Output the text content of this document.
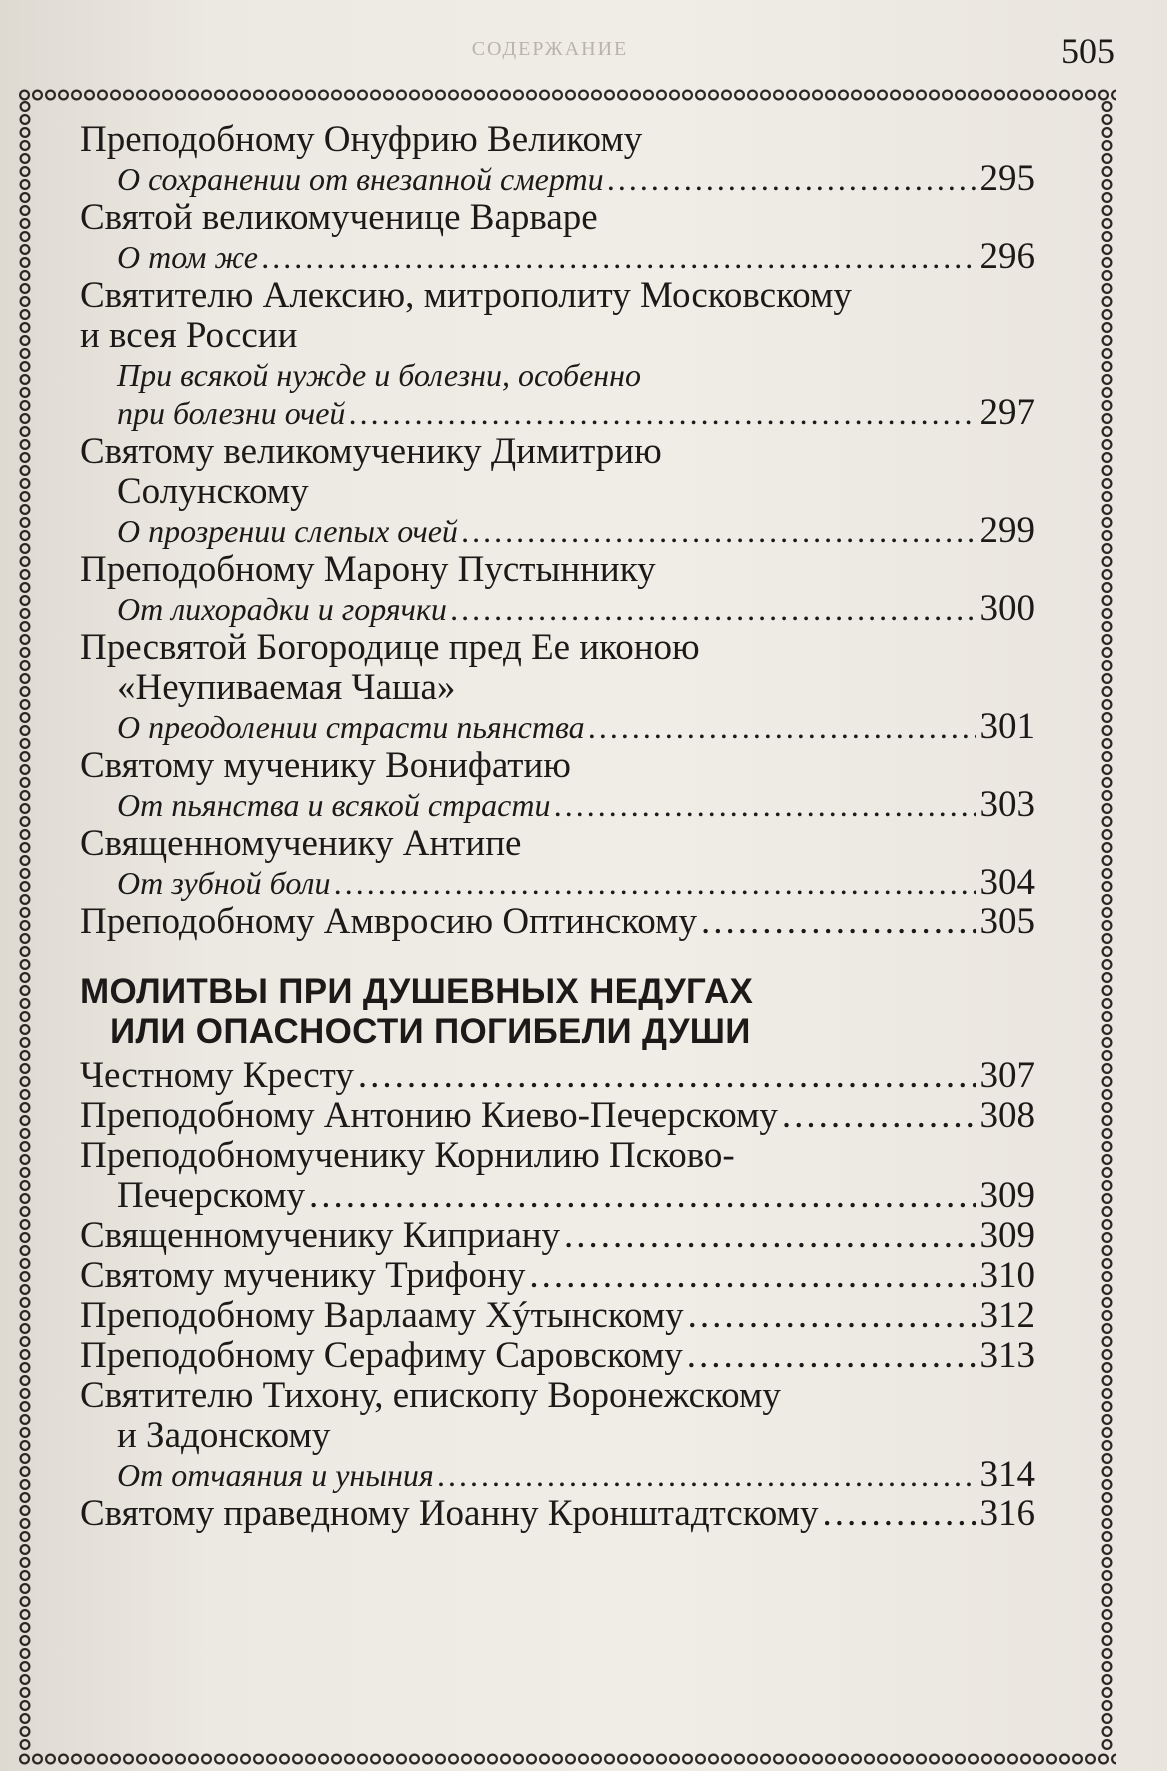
СОДЕРЖАНИЕ	505
Преподобному Онуфрию Великому
О сохранении от внезапной смерти .....	295
Святой великомученице Варваре
О том же .....	296
Святителю Алексию, митрополиту Московскому
и всея России
При всякой нужде и болезни, особенно
при болезни очей .....	297
Святому великомученику Димитрию
Солунскому
О прозрении слепых очей .....	299
Преподобному Марону Пустыннику
От лихорадки и горячки .....	300
Пресвятой Богородице пред Ее иконою
«Неупиваемая Чаша»
О преодолении страсти пьянства .....	301
Святому мученику Вонифатию
От пьянства и всякой страсти .....	303
Священномученику Антипе
От зубной боли .....	304
Преподобному Амвросию Оптинскому .....	305
МОЛИТВЫ ПРИ ДУШЕВНЫХ НЕДУГАХ
ИЛИ ОПАСНОСТИ ПОГИБЕЛИ ДУШИ
Честному Кресту .....	307
Преподобному Антонию Киево-Печерскому .....	308
Преподобномученику Корнилию Псково-
Печерскому .....	309
Священномученику Киприану .....	309
Святому мученику Трифону .....	310
Преподобному Варлааму Хýтынскому .....	312
Преподобному Серафиму Саровскому .....	313
Святителю Тихону, епископу Воронежскому
и Задонскому
От отчаяния и уныния .....	314
Святому праведному Иоанну Кронштадтскому .....	316
